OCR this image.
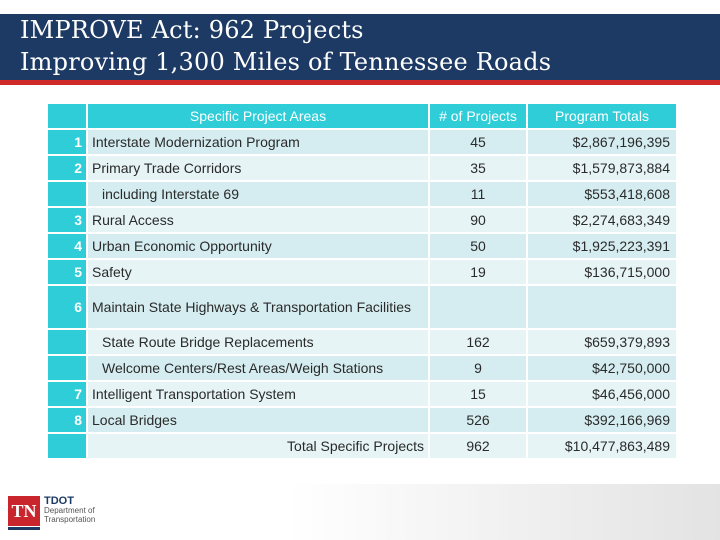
IMPROVE Act: 962 Projects
Improving 1,300 Miles of Tennessee Roads
	Specific Project Areas	# of Projects	Program Totals
1	Interstate Modernization Program	45	$2,867,196,395
2	Primary Trade Corridors	35	$1,579,873,884
	including Interstate 69	11	$553,418,608
3	Rural Access	90	$2,274,683,349
4	Urban Economic Opportunity	50	$1,925,223,391
5	Safety	19	$136,715,000
6	Maintain State Highways & Transportation Facilities		
	State Route Bridge Replacements	162	$659,379,893
	Welcome Centers/Rest Areas/Weigh Stations	9	$42,750,000
7	Intelligent Transportation System	15	$46,456,000
8	Local Bridges	526	$392,166,969
	Total Specific Projects	962	$10,477,863,489
TN TDOT
Department of
Transportation
